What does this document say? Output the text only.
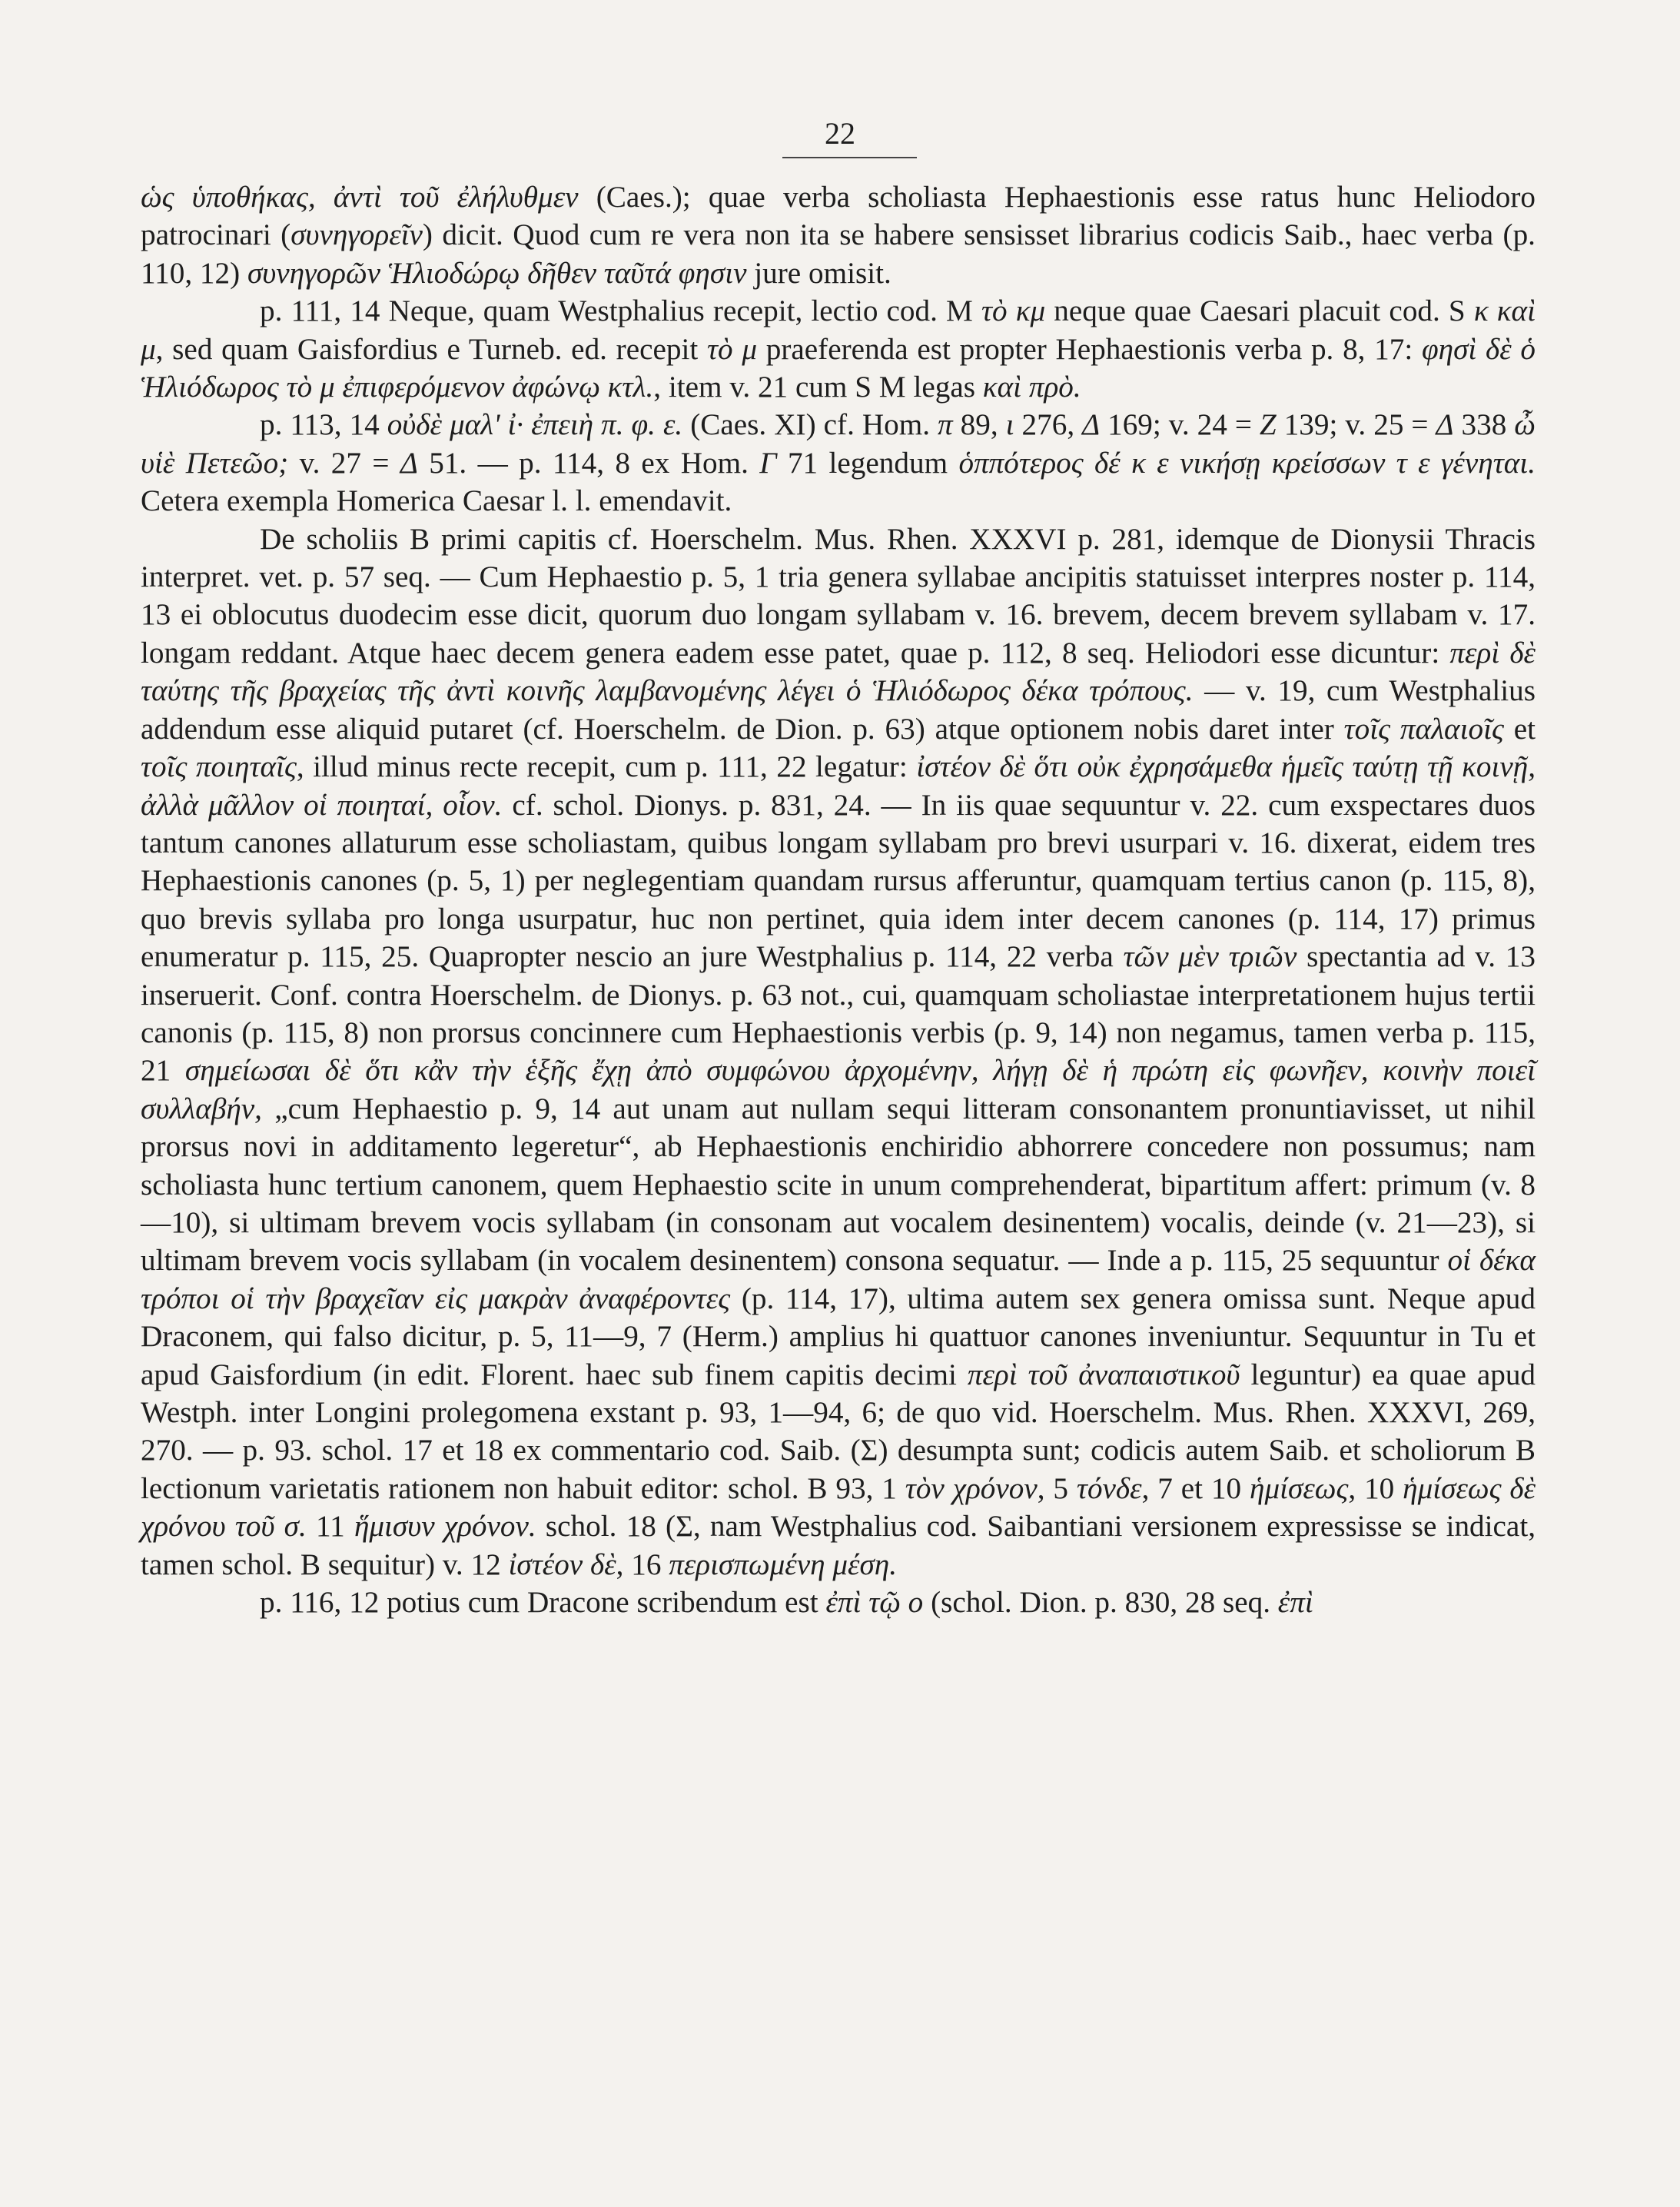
22

ὡς ὑποθήκας, ἀντὶ τοῦ ἐλήλυθμεν (Caes.); quae verba scholiasta Hephaestionis esse ratus hunc Heliodoro patrocinari (συνηγορεῖν) dicit. Quod cum re vera non ita se habere sensisset librarius codicis Saib., haec verba (p. 110, 12) συνηγορῶν Ἡλιοδώρῳ δῆθεν ταῦτά φησιν jure omisit.

p. 111, 14 Neque, quam Westphalius recepit, lectio cod. M τὸ κμ neque quae Caesari placuit cod. S κ καὶ μ, sed quam Gaisfordius e Turneb. ed. recepit τὸ μ praeferenda est propter Hephaestionis verba p. 8, 17: φησὶ δὲ ὁ Ἡλιόδωρος τὸ μ ἐπιφερόμενον ἀφώνῳ κτλ., item v. 21 cum S M legas καὶ πρὸ.

p. 113, 14 οὐδὲ μαλ' ἰ· ἐπειὴ π. φ. ε. (Caes. XI) cf. Hom. π 89, ι 276, Δ 169; v. 24 = Z 139; v. 25 = Δ 338 ὦ υἱὲ Πετεῶο; v. 27 = Δ 51. — p. 114, 8 ex Hom. Γ 71 legendum ὁππότερος δέ κ ε νικήσῃ κρείσσων τ ε γένηται. Cetera exempla Homerica Caesar l. l. emendavit.

De scholiis B primi capitis cf. Hoerschelm. Mus. Rhen. XXXVI p. 281, idemque de Dionysii Thracis interpret. vet. p. 57 seq. — Cum Hephaestio p. 5, 1 tria genera syllabae ancipitis statuisset interpres noster p. 114, 13 ei oblocutus duodecim esse dicit, quorum duo longam syllabam v. 16. brevem, decem brevem syllabam v. 17. longam reddant. Atque haec decem genera eadem esse patet, quae p. 112, 8 seq. Heliodori esse dicuntur: περὶ δὲ ταύτης τῆς βραχείας τῆς ἀντὶ κοινῆς λαμβανομένης λέγει ὁ Ἡλιόδωρος δέκα τρόπους. — v. 19, cum Westphalius addendum esse aliquid putaret (cf. Hoerschelm. de Dion. p. 63) atque optionem nobis daret inter τοῖς παλαιοῖς et τοῖς ποιηταῖς, illud minus recte recepit, cum p. 111, 22 legatur: ἰστέον δὲ ὅτι οὐκ ἐχρησάμεθα ἡμεῖς ταύτῃ τῇ κοινῇ, ἀλλὰ μᾶλλον οἱ ποιηταί, οἷον. cf. schol. Dionys. p. 831, 24. — In iis quae sequuntur v. 22. cum exspectares duos tantum canones allaturum esse scholiastam, quibus longam syllabam pro brevi usurpari v. 16. dixerat, eidem tres Hephaestionis canones (p. 5, 1) per neglegentiam quandam rursus afferuntur, quamquam tertius canon (p. 115, 8), quo brevis syllaba pro longa usurpatur, huc non pertinet, quia idem inter decem canones (p. 114, 17) primus enumeratur p. 115, 25. Quapropter nescio an jure Westphalius p. 114, 22 verba τῶν μὲν τριῶν spectantia ad v. 13 inseruerit. Conf. contra Hoerschelm. de Dionys. p. 63 not., cui, quamquam scholiastae interpretationem hujus tertii canonis (p. 115, 8) non prorsus concinnere cum Hephaestionis verbis (p. 9, 14) non negamus, tamen verba p. 115, 21 σημείωσαι δὲ ὅτι κἂν τὴν ἑξῆς ἔχῃ ἀπὸ συμφώνου ἀρχομένην, λήγῃ δὲ ἡ πρώτη εἰς φωνῆεν, κοινὴν ποιεῖ συλλαβήν, „cum Hephaestio p. 9, 14 aut unam aut nullam sequi litteram consonantem pronuntiavisset, ut nihil prorsus novi in additamento legeretur“, ab Hephaestionis enchiridio abhorrere concedere non possumus; nam scholiasta hunc tertium canonem, quem Hephaestio scite in unum comprehenderat, bipartitum affert: primum (v. 8—10), si ultimam brevem vocis syllabam (in consonam aut vocalem desinentem) vocalis, deinde (v. 21—23), si ultimam brevem vocis syllabam (in vocalem desinentem) consona sequatur. — Inde a p. 115, 25 sequuntur οἱ δέκα τρόποι οἱ τὴν βραχεῖαν εἰς μακρὰν ἀναφέροντες (p. 114, 17), ultima autem sex genera omissa sunt. Neque apud Draconem, qui falso dicitur, p. 5, 11—9, 7 (Herm.) amplius hi quattuor canones inveniuntur. Sequuntur in Tu et apud Gaisfordium (in edit. Florent. haec sub finem capitis decimi περὶ τοῦ ἀναπαιστικοῦ leguntur) ea quae apud Westph. inter Longini prolegomena exstant p. 93, 1—94, 6; de quo vid. Hoerschelm. Mus. Rhen. XXXVI, 269, 270. — p. 93. schol. 17 et 18 ex commentario cod. Saib. (Σ) desumpta sunt; codicis autem Saib. et scholiorum B lectionum varietatis rationem non habuit editor: schol. B 93, 1 τὸν χρόνον, 5 τόνδε, 7 et 10 ἡμίσεως, 10 ἡμίσεως δὲ χρόνου τοῦ σ. 11 ἥμισυν χρόνον. schol. 18 (Σ, nam Westphalius cod. Saibantiani versionem expressisse se indicat, tamen schol. B sequitur) v. 12 ἰστέον δὲ, 16 περισπωμένη μέση.

p. 116, 12 potius cum Dracone scribendum est ἐπὶ τῷ ο (schol. Dion. p. 830, 28 seq. ἐπὶ
